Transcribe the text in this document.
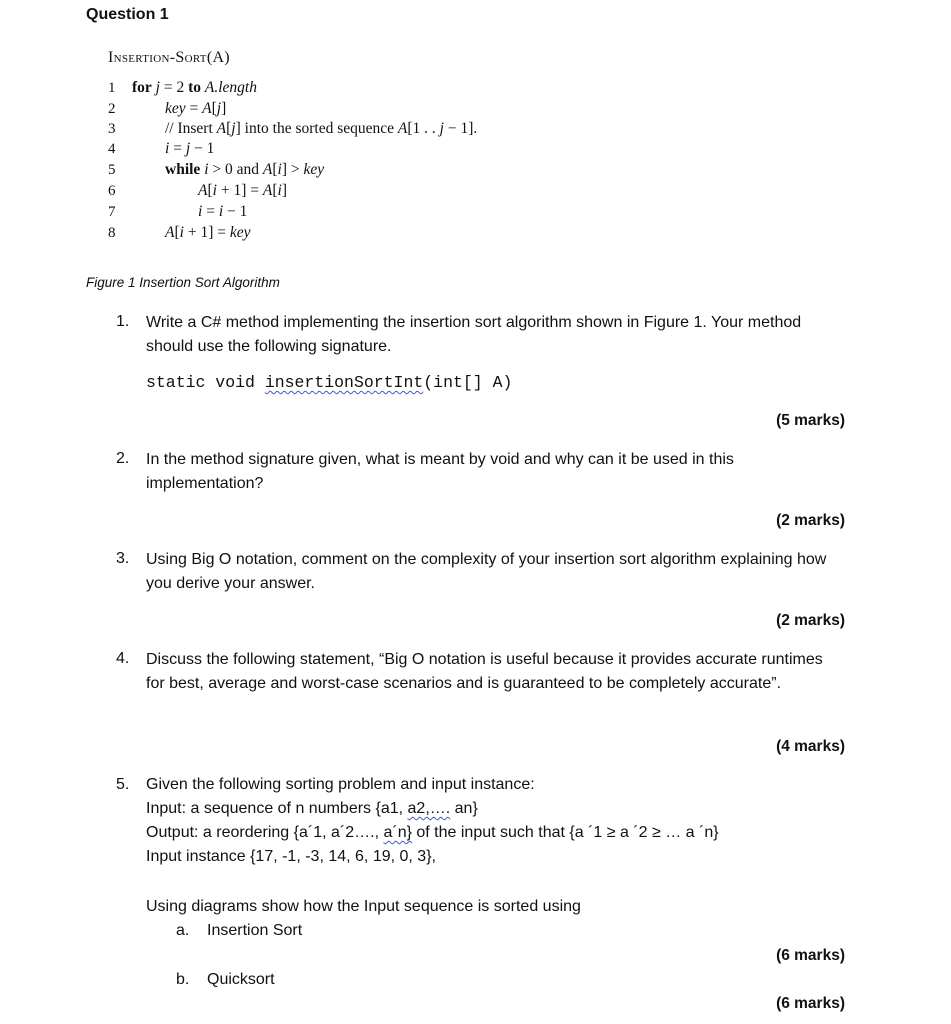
Question 1
Insertion-Sort(A)
1 for j = 2 to A.length
2	key = A[j]
3	// Insert A[j] into the sorted sequence A[1 . . j − 1].
4	i = j − 1
5	while i > 0 and A[i] > key
6	A[i + 1] = A[i]
7	i = i − 1
8	A[i + 1] = key
Figure 1 Insertion Sort Algorithm
1. Write a C# method implementing the insertion sort algorithm shown in Figure 1. Your method should use the following signature.
static void insertionSortInt(int[] A)
(5 marks)
2. In the method signature given, what is meant by void and why can it be used in this implementation?
(2 marks)
3. Using Big O notation, comment on the complexity of your insertion sort algorithm explaining how you derive your answer.
(2 marks)
4. Discuss the following statement, “Big O notation is useful because it provides accurate runtimes for best, average and worst-case scenarios and is guaranteed to be completely accurate”.
(4 marks)
5. Given the following sorting problem and input instance:
Input: a sequence of n numbers {a1, a2,…. an}
Output: a reordering {a´1, a´2…., a´n} of the input such that {a ´1 ≥ a ´2 ≥ … a ´n}
Input instance {17, -1, -3, 14, 6, 19, 0, 3},
Using diagrams show how the Input sequence is sorted using
a. Insertion Sort
(6 marks)
b. Quicksort
(6 marks)
